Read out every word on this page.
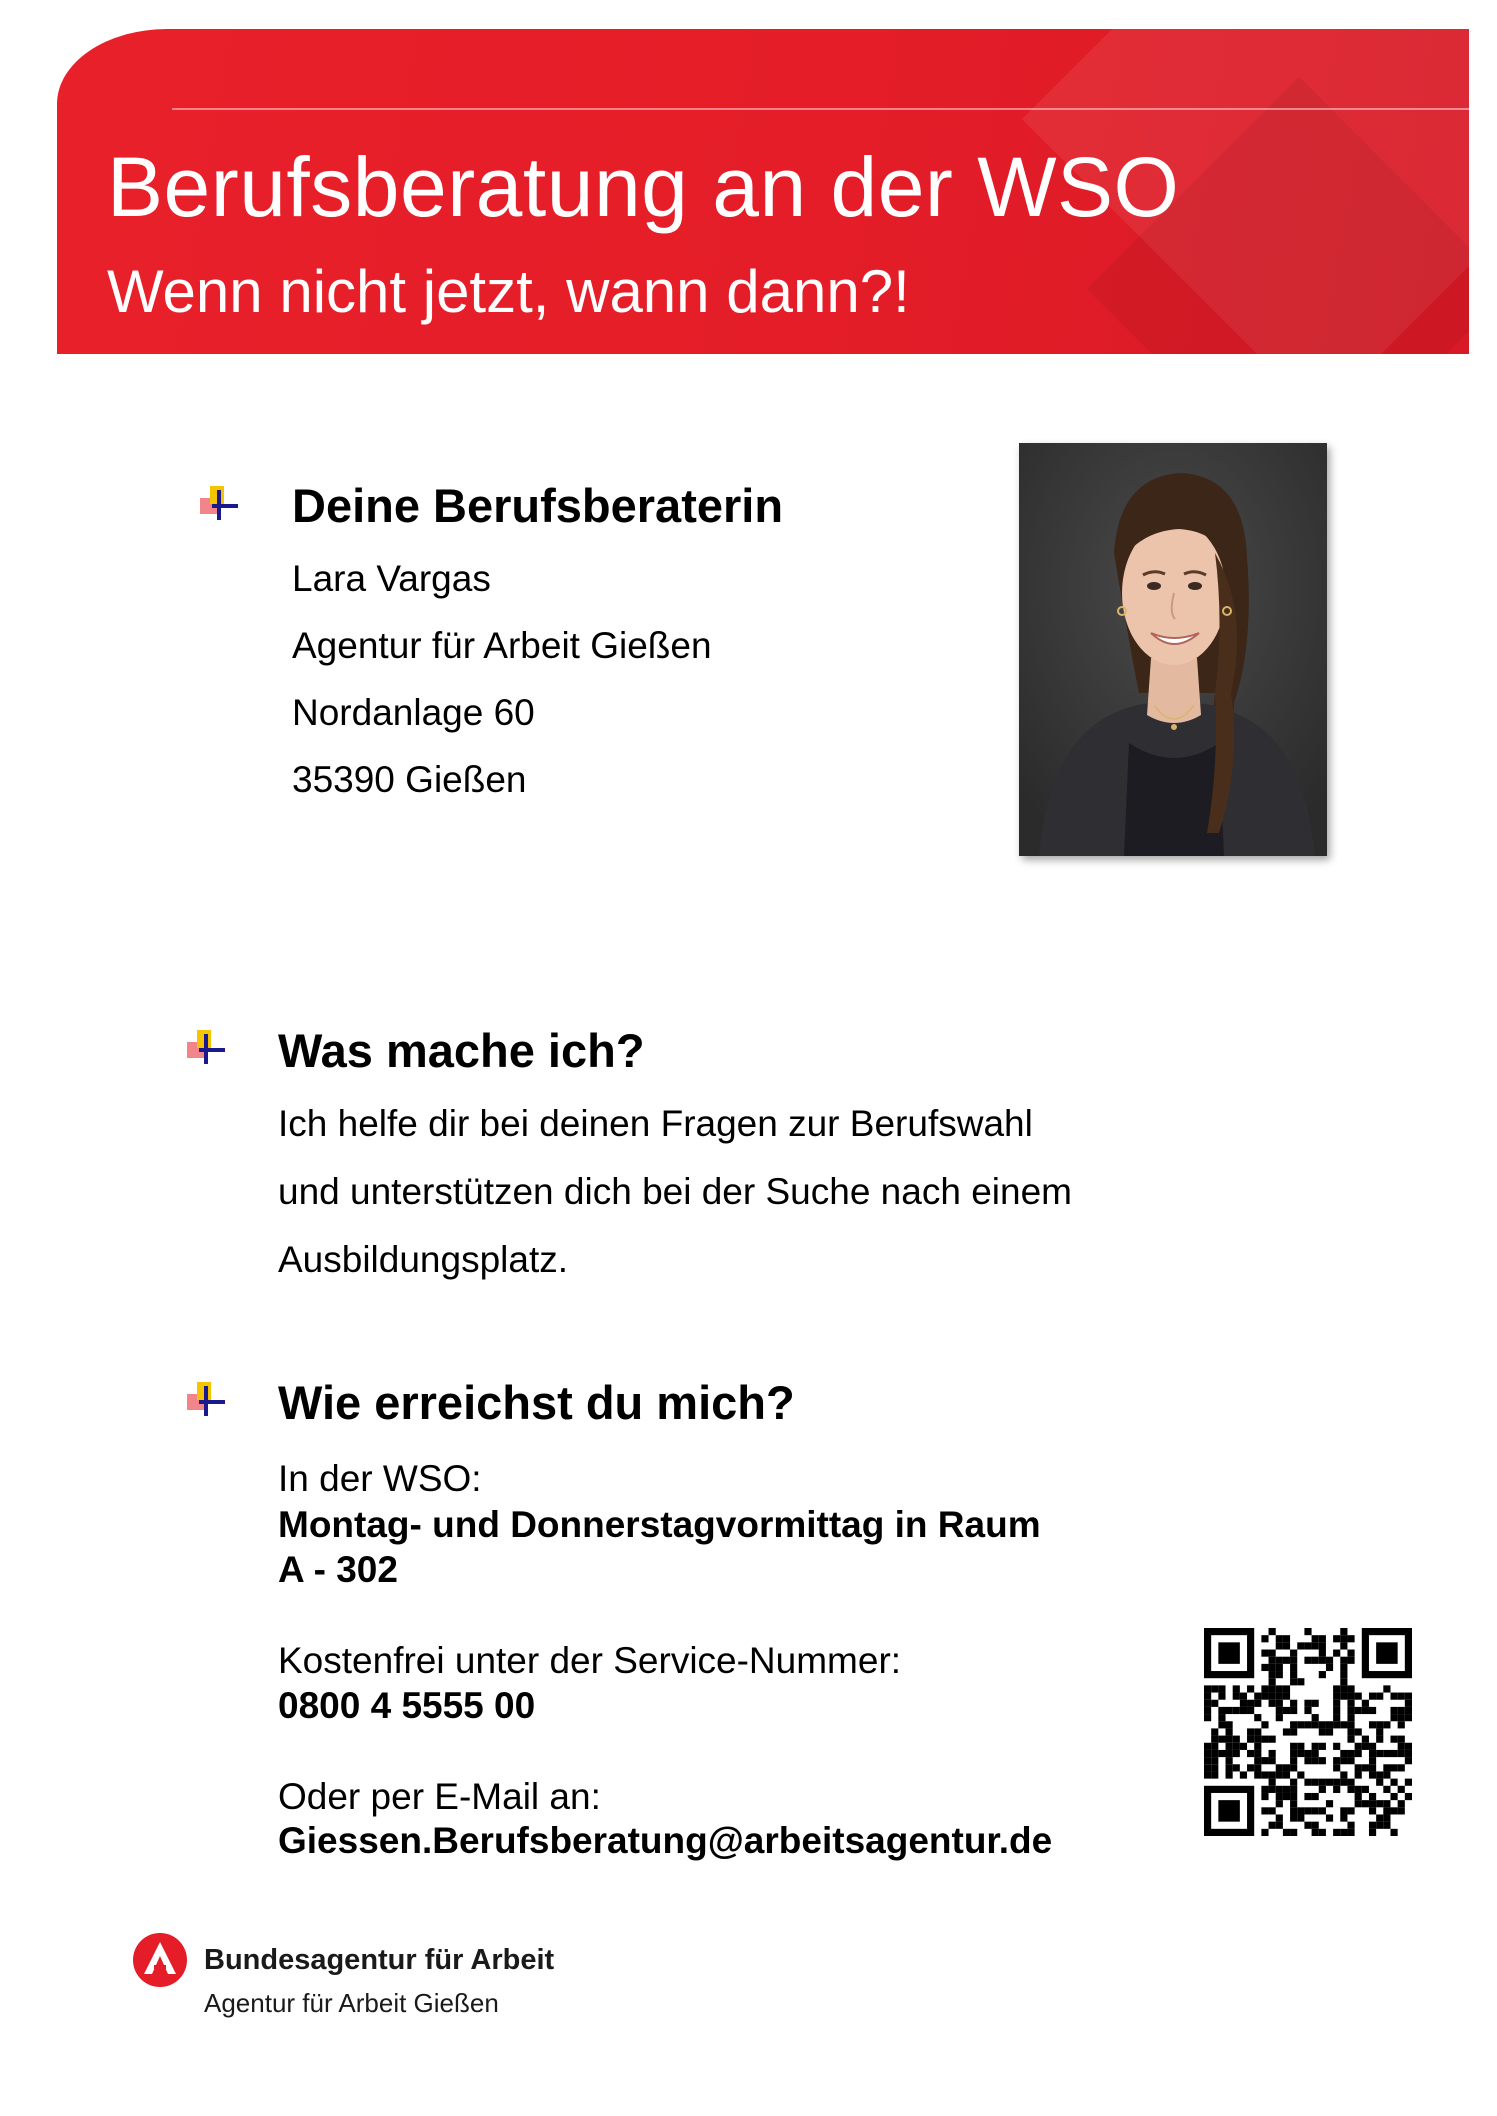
Berufsberatung an der WSO
Wenn nicht jetzt, wann dann?!
Deine Berufsberaterin

Lara Vargas

Agentur für Arbeit Gießen

Nordanlage 60

35390 Gießen

Was mache ich?

Ich helfe dir bei deinen Fragen zur Berufswahl

und unterstützen dich bei der Suche nach einem

Ausbildungsplatz.

Wie erreichst du mich?

In der WSO:

Montag- und Donnerstagvormittag in Raum

A - 302

Kostenfrei unter der Service-Nummer:

0800 4 5555 00

Oder per E-Mail an:

Giessen.Berufsberatung@arbeitsagentur.de

Bundesagentur für Arbeit

Agentur für Arbeit Gießen
